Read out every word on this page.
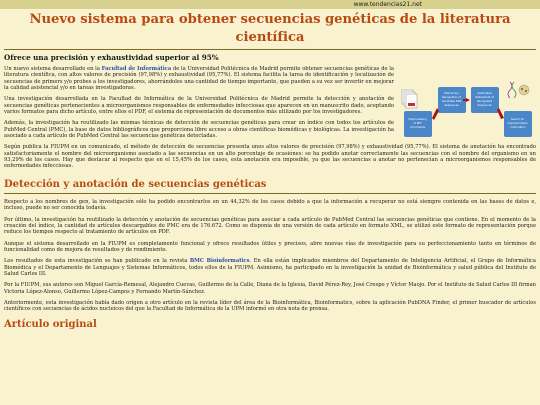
www.tendencias21.net
Nuevo sistema para obtener secuencias genéticas de la literatura científica
Ofrece una precisión y exhaustividad superior al 95%

Un nuevo sistema desarrollado en la Facultad de Informática de la Universidad Politécnica de Madrid permite obtener secuencias genéticas de la literatura científica, con altos valores de precisión (97,98%) y exhaustividad (95,77%). El sistema facilita la tarea de identificación y localización de secuencias de primers y/o probes a los investigadores, ahorrándoles una cantidad de tiempo importante, que pueden a su vez ser invertir en mejorar la calidad asistencial y/o en tareas investigadoras.

Una investigación desarrollada en la Facultad de Informática de la Universidad Politécnica de Madrid permite la detección y anotación de secuencias genéticas pertenecientes a microorganismos responsables de enfermedades infecciosas que aparecen en un manuscrito dado, aceptando varios formatos para dicho artículo, entre ellos el PDF, el sistema de representación de documentos más utilizado por los investigadores.

Además, la investigación ha reutilizado las mismas técnicas de detección de secuencias genéticas para crear un índice con todos los artículos de PubMed Central (PMC), la base de datos bibliográficos que proporciona libre acceso a obras científicas biomédicas y biológicas. La investigación ha asociado a cada artículo de PubMed Central las secuencias genéticas detectadas.

Preprocessing of PDF Documents Preliminary Recognition of Candidate DNA Sequences Automated Refinement of Recognized Sequences Search for Organism/Gene Information

Según publica la FIUPM en un comunicado, el método de detección de secuencias presenta unos altos valores de precisión (97,98%) y exhaustividad (95,77%). El sistema de anotación ha encontrado satisfactoriamente el nombre del microorganismo asociado a las secuencias en un alto porcentaje de ocasiones: se ha podido anotar correctamente las secuencias con el nombre del organismo en un 93,29% de los casos. Hay que destacar al respecto que en el 15,45% de los casos, esta anotación era imposible, ya que las secuencias a anotar no pertenecían a microorganismos responsables de enfermedades infecciosas.

Detección y anotación de secuencias genéticas

Respecto a los nombres de gen, la investigación sólo ha podido encontrarlos en un 44,32% de los casos debido a que la información a recuperar no está siempre contenida en las bases de datos e, incluso, puede no ser conocida todavía.

Por último, la investigación ha reutilizado la detección y anotación de secuencias genéticas para asociar a cada artículo de PubMed Central las secuencias genéticas que contiene. En el momento de la creación del índice, la cantidad de artículos descargables de PMC era de 176.672. Como se disponía de una versión de cada artículo en formato XML, se utilizó este formato de representación porque reduce los tiempos respecto al tratamiento de artículos en PDF.

Aunque el sistema desarrollado en la FIUPM es completamente funcional y ofrece resultados útiles y precisos, abre nuevas vías de investigación para su perfeccionamiento tanto en términos de funcionalidad como de mejora de resultados y de rendimiento.

Los resultados de esta investigación se han publicado en la revista BMC Bioinformatics. En ella están implicados miembros del Departamento de Inteligencia Artificial, el Grupo de Informática Biomédica y el Departamento de Lenguajes y Sistemas Informáticos, todos ellos de la FIUPM. Asimismo, ha participado en la investigación la unidad de Bioinformática y salud pública del Instituto de Salud Carlos III.

Por la FIUPM, sus autores son Miguel García-Remesal, Alejandro Cuevas, Guillermo de la Calle, Diana de la Iglesia, David Pérez-Rey, José Crespo y Víctor Maojo. Por el Instituto de Salud Carlos III firman Victoria López-Alonso, Guillermo López-Campos y Fernando Martín-Sánchez.

Anteriormente, esta investigación había dado origen a otro artículo en la revista líder del área de la Bioinformática, Bioinformatics, sobre la aplicación PubDNA Finder, el primer buscador de artículos científicos con secuencias de ácidos nucleicos del que la Facultad de Informática de la UPM informó en otra nota de prensa.

Artículo original
